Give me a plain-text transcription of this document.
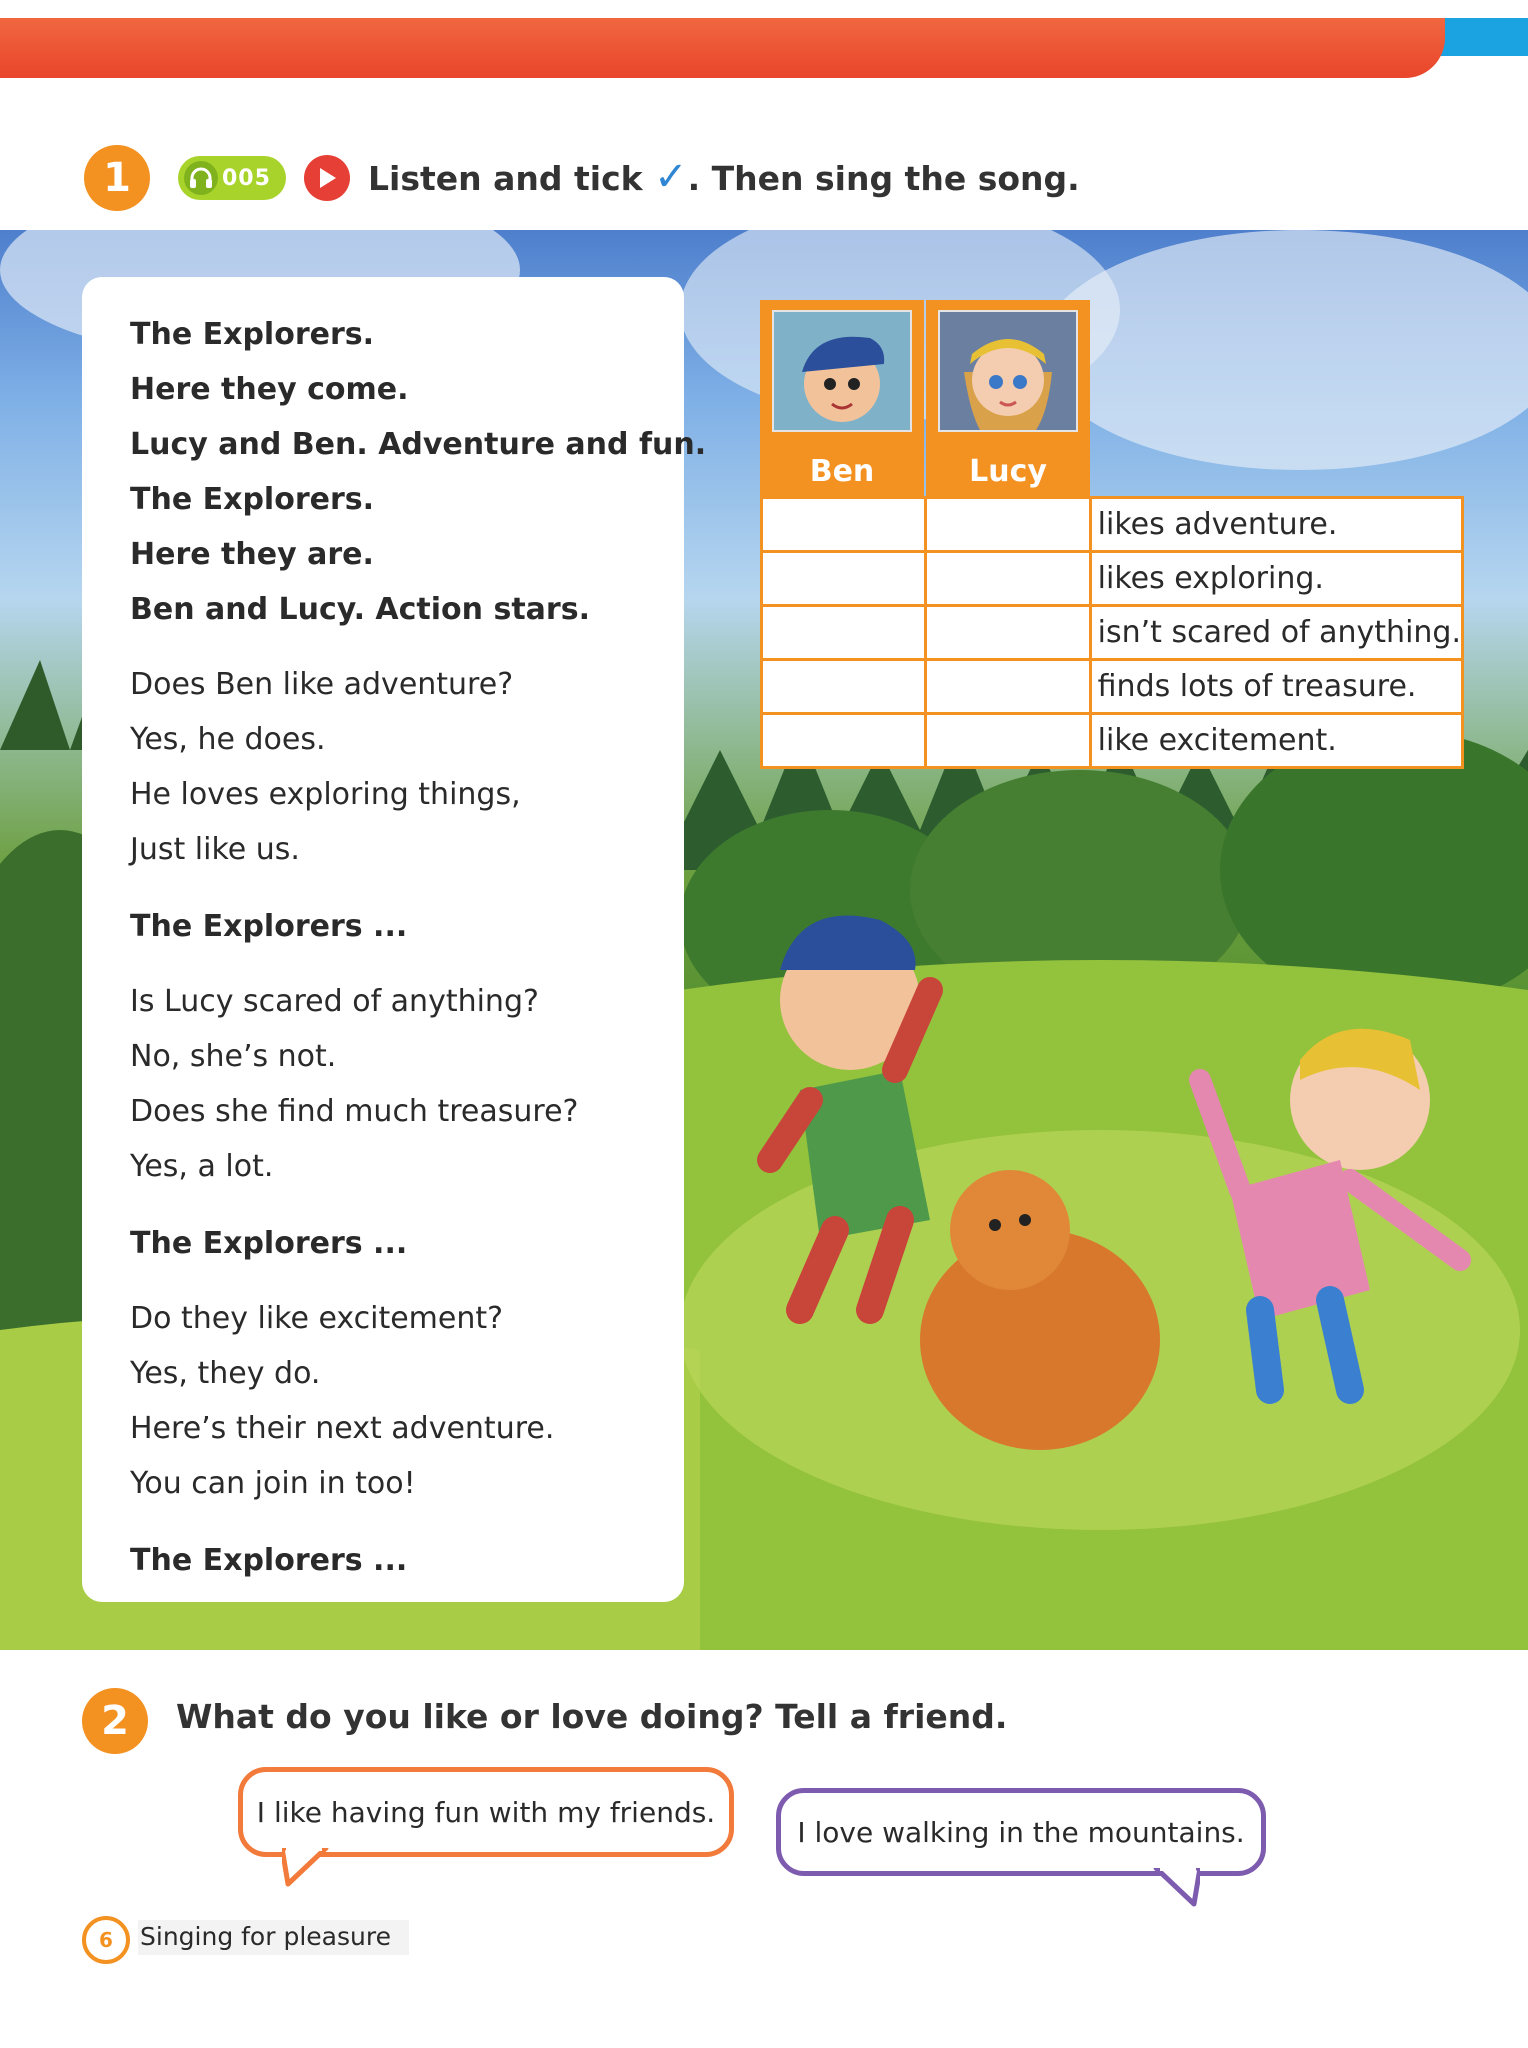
1	005	Listen and tick ✓. Then sing the song.
The Explorers.
Here they come.
Lucy and Ben. Adventure and fun.
The Explorers.
Here they are.
Ben and Lucy. Action stars.
Does Ben like adventure?
Yes, he does.
He loves exploring things,
Just like us.
The Explorers ...
Is Lucy scared of anything?
No, she’s not.
Does she find much treasure?
Yes, a lot.
The Explorers ...
Do they like excitement?
Yes, they do.
Here’s their next adventure.
You can join in too!
The Explorers ...
Ben	Lucy
		likes adventure.
		likes exploring.
		isn’t scared of anything.
		finds lots of treasure.
		like excitement.
2	What do you like or love doing? Tell a friend.
I like having fun with my friends.
I love walking in the mountains.
6	Singing for pleasure
